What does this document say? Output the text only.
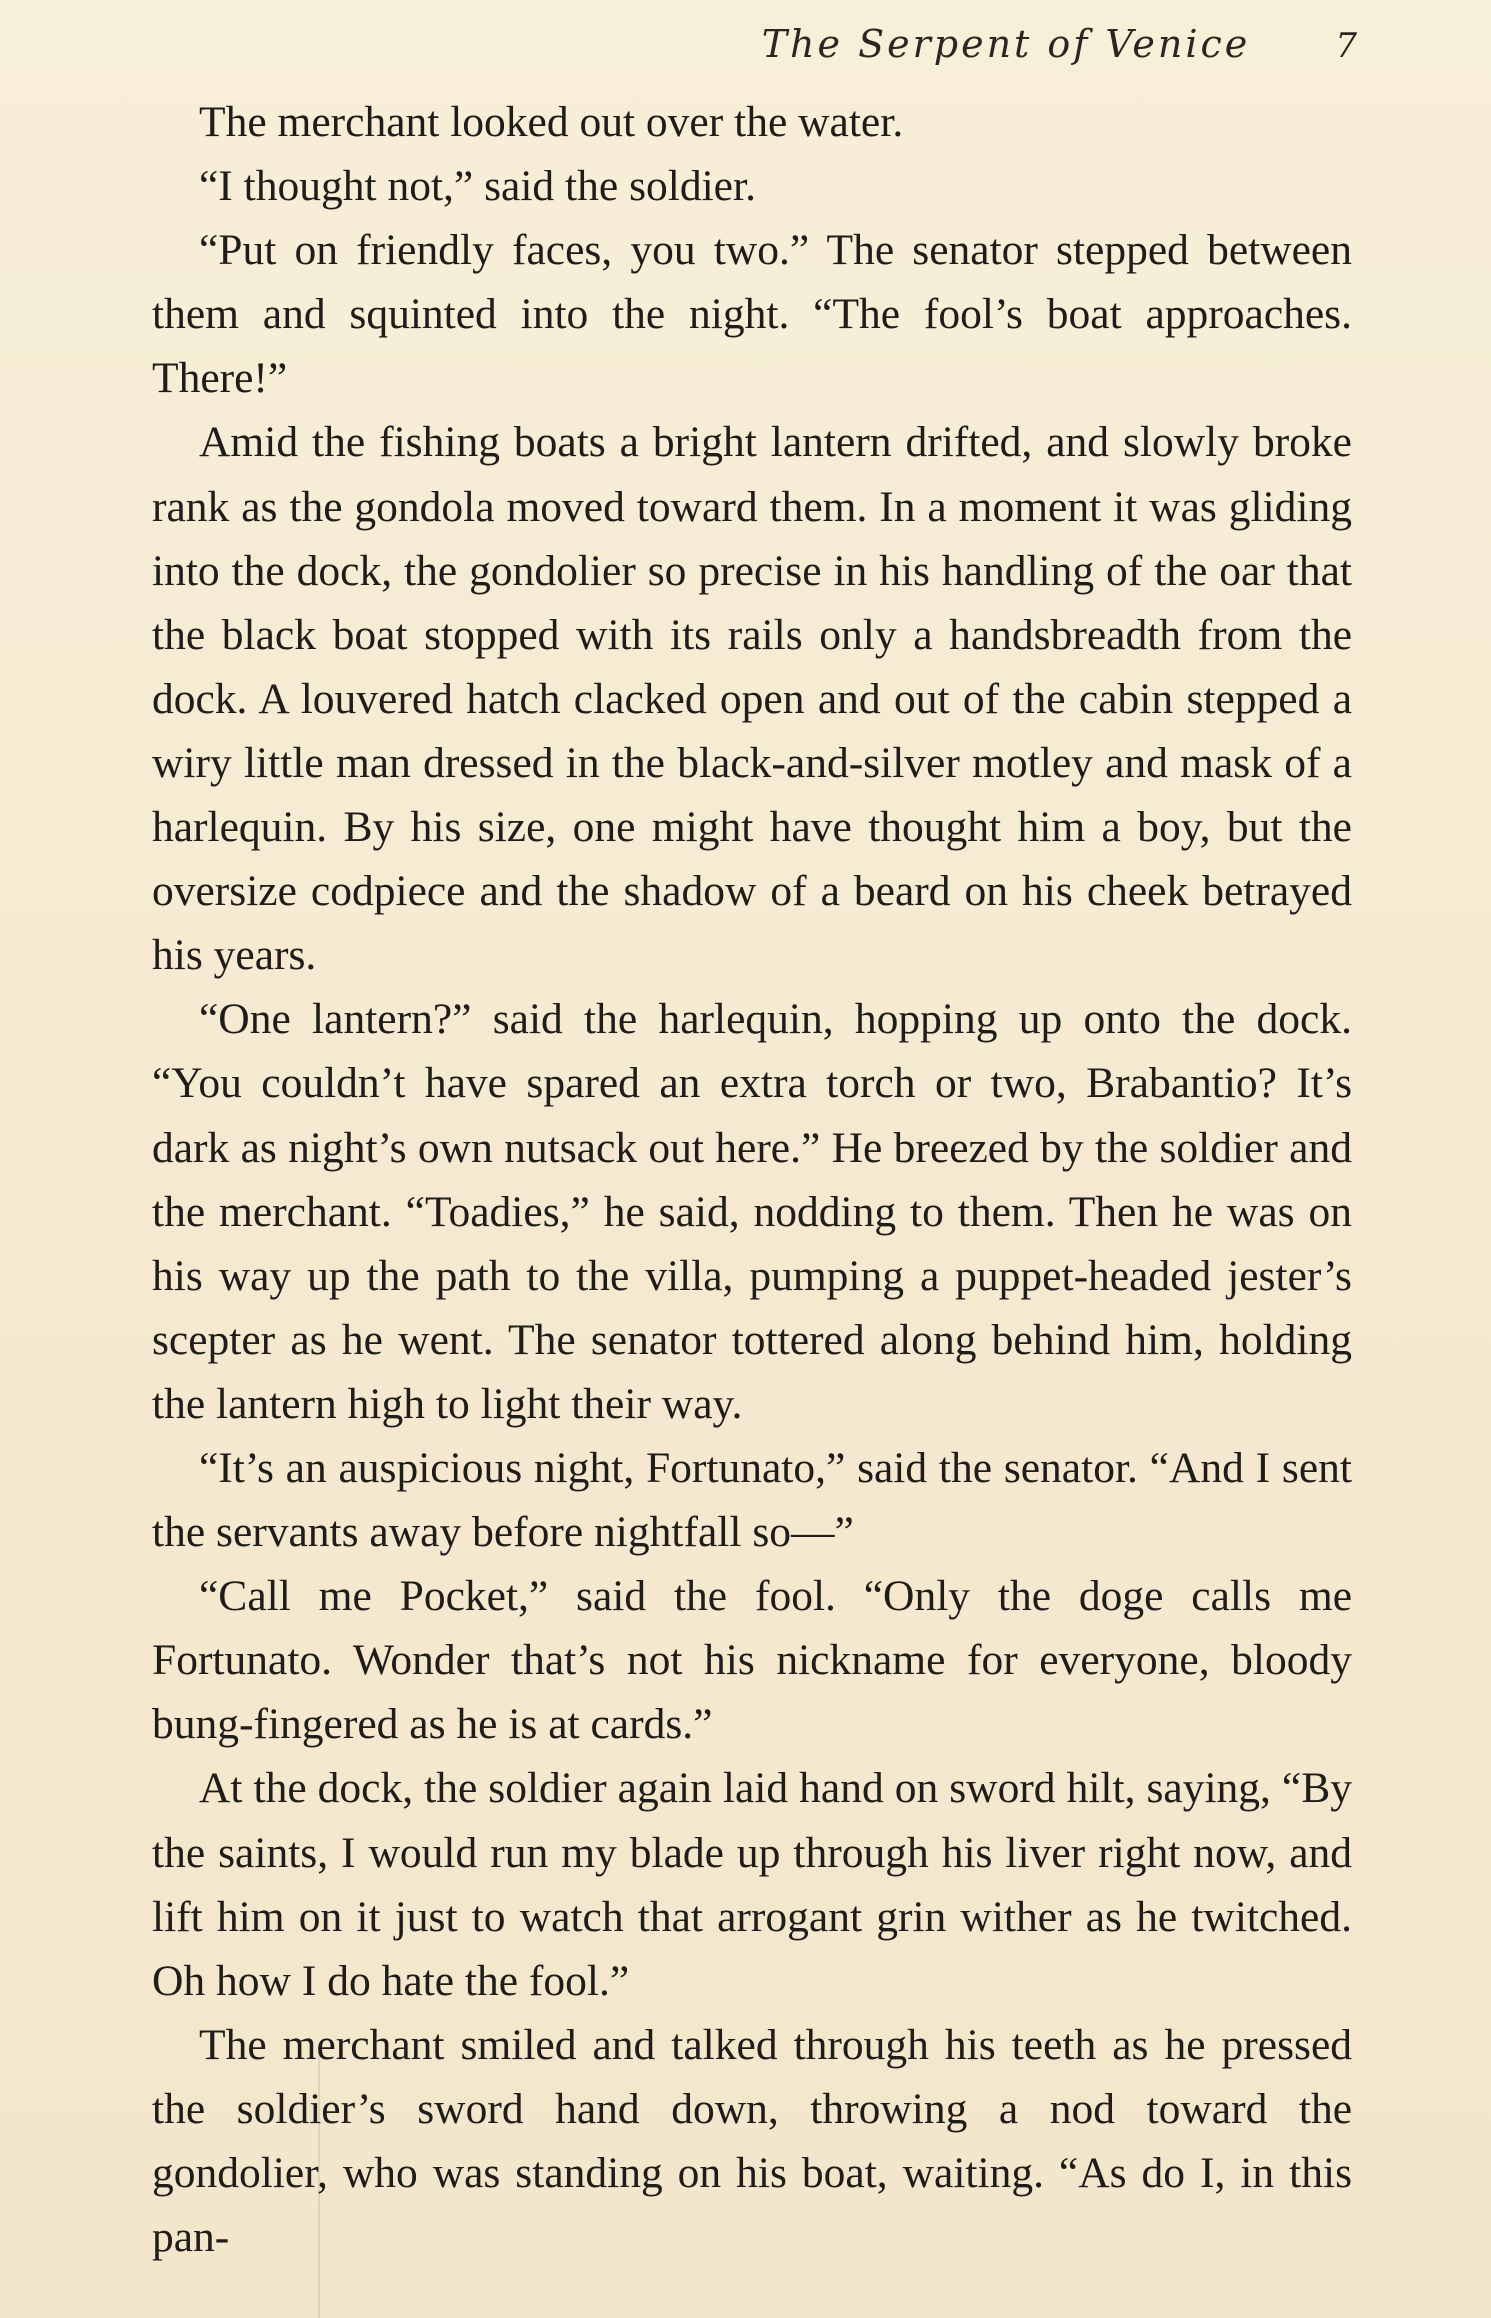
The Serpent of Venice	7

The merchant looked out over the water.

“I thought not,” said the soldier.

“Put on friendly faces, you two.” The senator stepped between them and squinted into the night. “The fool’s boat approaches. There!”

Amid the fishing boats a bright lantern drifted, and slowly broke rank as the gondola moved toward them. In a moment it was gliding into the dock, the gondolier so precise in his handling of the oar that the black boat stopped with its rails only a handsbreadth from the dock. A louvered hatch clacked open and out of the cabin stepped a wiry little man dressed in the black-and-silver motley and mask of a harlequin. By his size, one might have thought him a boy, but the oversize codpiece and the shadow of a beard on his cheek betrayed his years.

“One lantern?” said the harlequin, hopping up onto the dock. “You couldn’t have spared an extra torch or two, Brabantio? It’s dark as night’s own nutsack out here.” He breezed by the soldier and the merchant. “Toadies,” he said, nodding to them. Then he was on his way up the path to the villa, pumping a puppet-headed jester’s scepter as he went. The senator tottered along behind him, holding the lantern high to light their way.

“It’s an auspicious night, Fortunato,” said the senator. “And I sent the servants away before nightfall so—”

“Call me Pocket,” said the fool. “Only the doge calls me Fortunato. Wonder that’s not his nickname for everyone, bloody bung-fingered as he is at cards.”

At the dock, the soldier again laid hand on sword hilt, saying, “By the saints, I would run my blade up through his liver right now, and lift him on it just to watch that arrogant grin wither as he twitched. Oh how I do hate the fool.”

The merchant smiled and talked through his teeth as he pressed the soldier’s sword hand down, throwing a nod toward the gondolier, who was standing on his boat, waiting. “As do I, in this pan-
